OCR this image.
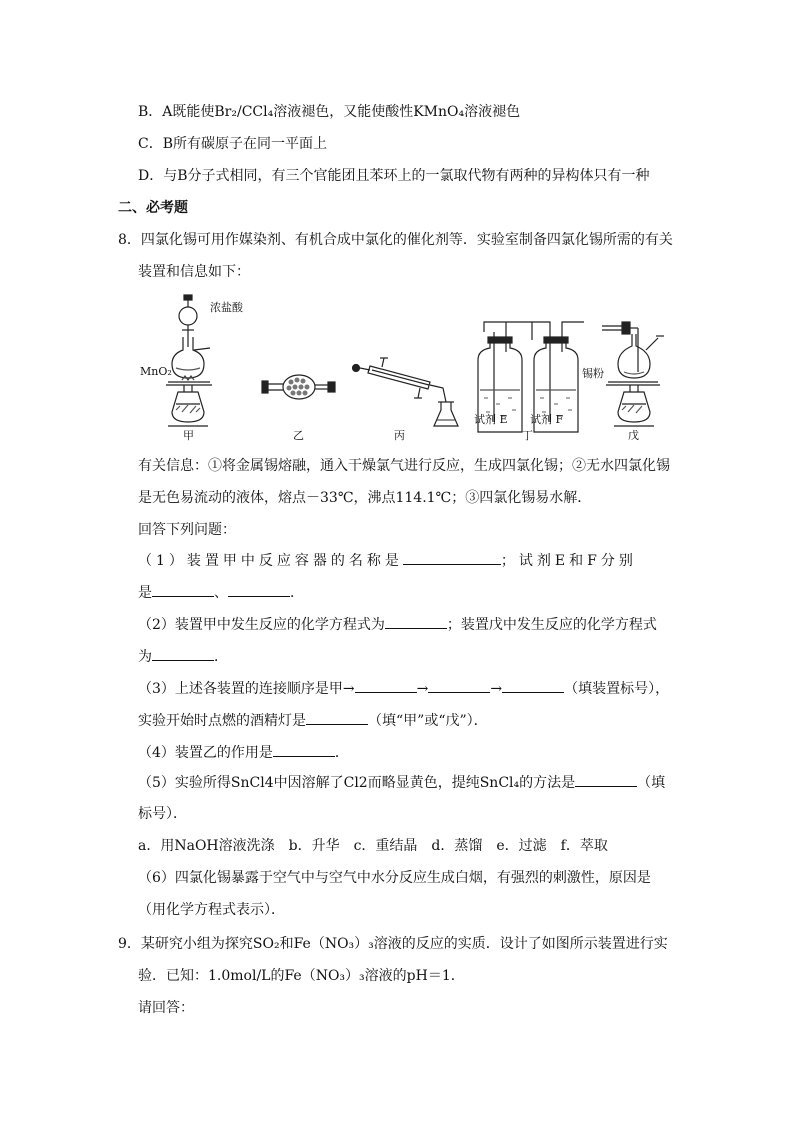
B．A既能使Br₂/CCl₄溶液褪色，又能使酸性KMnO₄溶液褪色
C．B所有碳原子在同一平面上
D．与B分子式相同，有三个官能团且苯环上的一氯取代物有两种的异构体只有一种
二、必考题
8．四氯化锡可用作媒染剂、有机合成中氯化的催化剂等．实验室制备四氯化锡所需的有关
装置和信息如下：
浓盐酸
MnO₂
甲	乙	丙
试剂 E 试剂 F
丁
锡粉
戊
有关信息：①将金属锡熔融，通入干燥氯气进行反应，生成四氯化锡；②无水四氯化锡
是无色易流动的液体，熔点－33℃，沸点114.1℃；③四氯化锡易水解．
回答下列问题：
（1）装置甲中反应容器的名称是	；试剂E和F分别
是	、	．
（2）装置甲中发生反应的化学方程式为	；装置戊中发生反应的化学方程式
为	．
（3）上述各装置的连接顺序是甲→	→	→	（填装置标号），
实验开始时点燃的酒精灯是	（填“甲”或“戊”）．
（4）装置乙的作用是	．
（5）实验所得SnCl4中因溶解了Cl2而略显黄色，提纯SnCl₄的方法是	（填
标号）．
a．用NaOH溶液洗涤　b．升华　c．重结晶　d．蒸馏　e．过滤　f．萃取
（6）四氯化锡暴露于空气中与空气中水分反应生成白烟，有强烈的刺激性，原因是
（用化学方程式表示）．
9．某研究小组为探究SO₂和Fe（NO₃）₃溶液的反应的实质．设计了如图所示装置进行实
验．已知：1.0mol/L的Fe（NO₃）₃溶液的pH＝1．
请回答：
